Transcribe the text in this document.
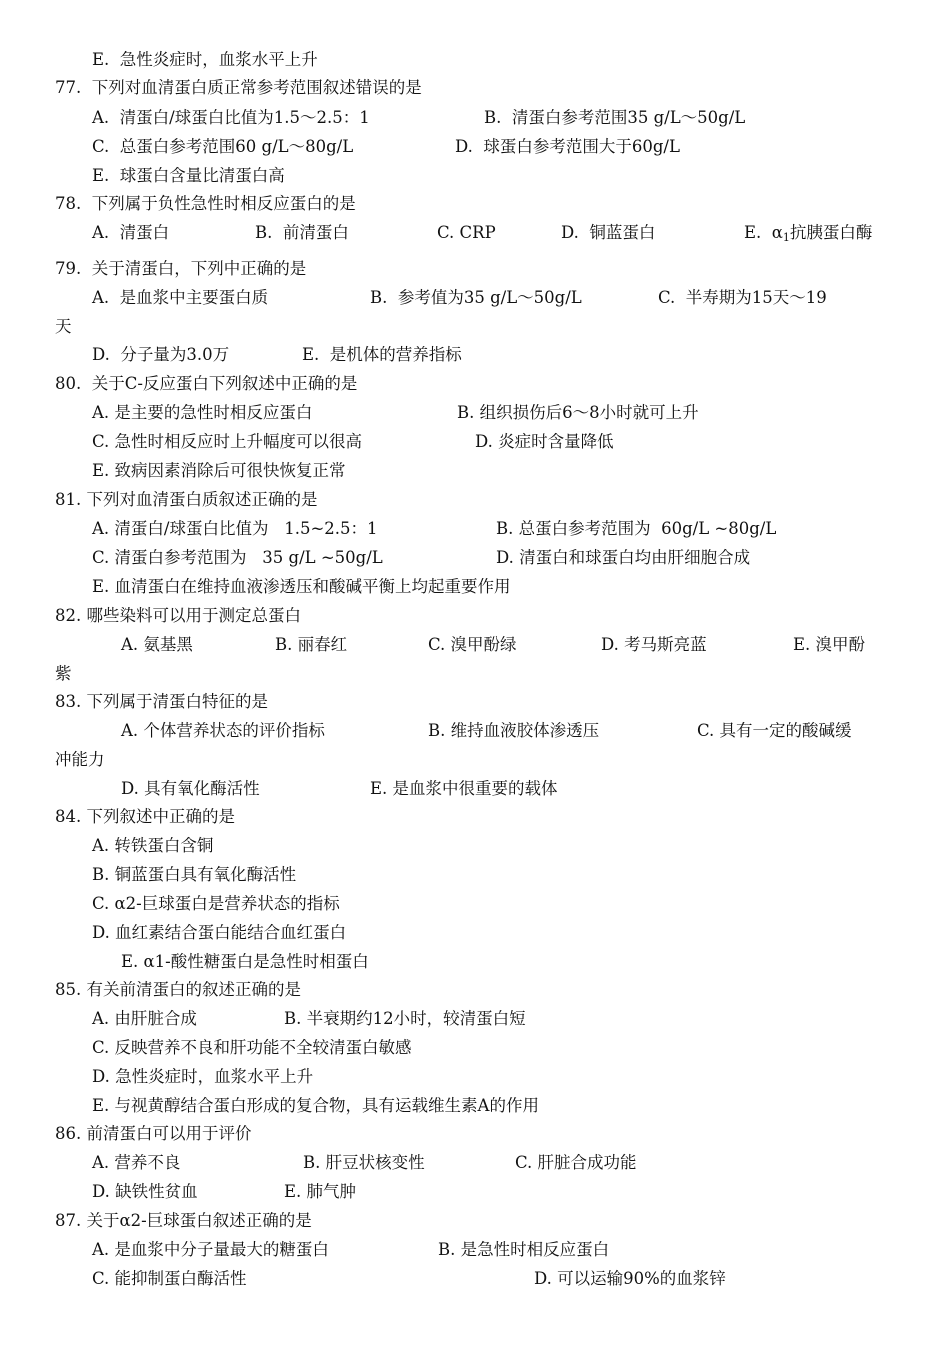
E.  急性炎症时，血浆水平上升
77.  下列对血清蛋白质正常参考范围叙述错误的是

A.  清蛋白/球蛋白比值为1.5～2.5：1

	B.  清蛋白参考范围35 g/L～50g/L

C.  总蛋白参考范围60 g/L～80g/L

	D.  球蛋白参考范围大于60g/L

E.  球蛋白含量比清蛋白高
78.  下列属于负性急性时相反应蛋白的是

A.  清蛋白

	B.  前清蛋白

	C. CRP

	D.  铜蓝蛋白

	E.  $\alpha_1$抗胰蛋白酶

79.  关于清蛋白，下列中正确的是

A.  是血浆中主要蛋白质

	B.  参考值为35 g/L～50g/L

	C.  半寿期为15天～19

天

D.  分子量为3.0万

	E.  是机体的营养指标

80.  关于C-反应蛋白下列叙述中正确的是

A. 是主要的急性时相反应蛋白

	B. 组织损伤后6～8小时就可上升

C. 急性时相反应时上升幅度可以很高

	D. 炎症时含量降低

E. 致病因素消除后可很快恢复正常
81. 下列对血清蛋白质叙述正确的是

A. 清蛋白/球蛋白比值为   1.5~2.5：1

	B. 总蛋白参考范围为  60g/L ~80g/L

C. 清蛋白参考范围为   35 g/L ~50g/L

	D. 清蛋白和球蛋白均由肝细胞合成

E. 血清蛋白在维持血液渗透压和酸碱平衡上均起重要作用
82. 哪些染料可以用于测定总蛋白

A. 氨基黑

	B. 丽春红

	C. 溴甲酚绿

	D. 考马斯亮蓝

	E. 溴甲酚

紫
83. 下列属于清蛋白特征的是

A. 个体营养状态的评价指标

	B. 维持血液胶体渗透压

	C. 具有一定的酸碱缓

冲能力

D. 具有氧化酶活性

	E. 是血浆中很重要的载体

84. 下列叙述中正确的是
A. 转铁蛋白含铜
B. 铜蓝蛋白具有氧化酶活性
C. α2-巨球蛋白是营养状态的指标
D. 血红素结合蛋白能结合血红蛋白
E. α1-酸性糖蛋白是急性时相蛋白
85. 有关前清蛋白的叙述正确的是

A. 由肝脏合成

	B. 半衰期约12小时，较清蛋白短

C. 反映营养不良和肝功能不全较清蛋白敏感
D. 急性炎症时，血浆水平上升
E. 与视黄醇结合蛋白形成的复合物，具有运载维生素A的作用
86. 前清蛋白可以用于评价

A. 营养不良

	B. 肝豆状核变性

	C. 肝脏合成功能

D. 缺铁性贫血

	E. 肺气肿

87. 关于α2-巨球蛋白叙述正确的是

A. 是血浆中分子量最大的糖蛋白

	B. 是急性时相反应蛋白

C. 能抑制蛋白酶活性

	D. 可以运输90%的血浆锌
